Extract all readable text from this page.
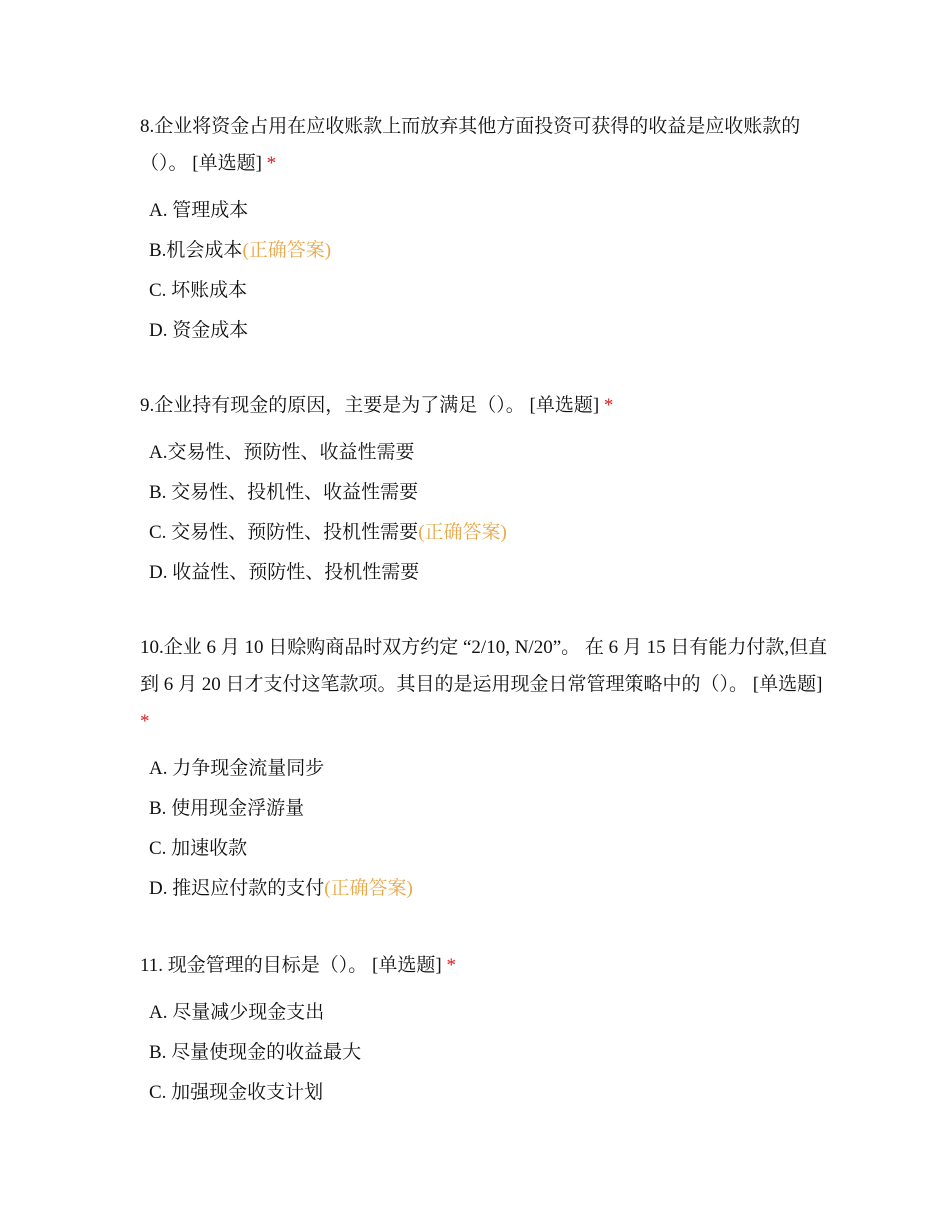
8.企业将资金占用在应收账款上而放弃其他方面投资可获得的收益是应收账款的（）。 [单选题] *

A. 管理成本
B.机会成本(正确答案)
C. 坏账成本
D. 资金成本

9.企业持有现金的原因，主要是为了满足（）。 [单选题] *

A.交易性、预防性、收益性需要
B. 交易性、投机性、收益性需要
C. 交易性、预防性、投机性需要(正确答案)
D. 收益性、预防性、投机性需要

10.企业 6 月 10 日赊购商品时双方约定 “2/10, N/20”。 在 6 月 15 日有能力付款,但直到 6 月 20 日才支付这笔款项。其目的是运用现金日常管理策略中的（）。 [单选题] *

A. 力争现金流量同步
B. 使用现金浮游量
C. 加速收款
D. 推迟应付款的支付(正确答案)

11. 现金管理的目标是（）。 [单选题] *

A. 尽量减少现金支出
B. 尽量使现金的收益最大
C. 加强现金收支计划
